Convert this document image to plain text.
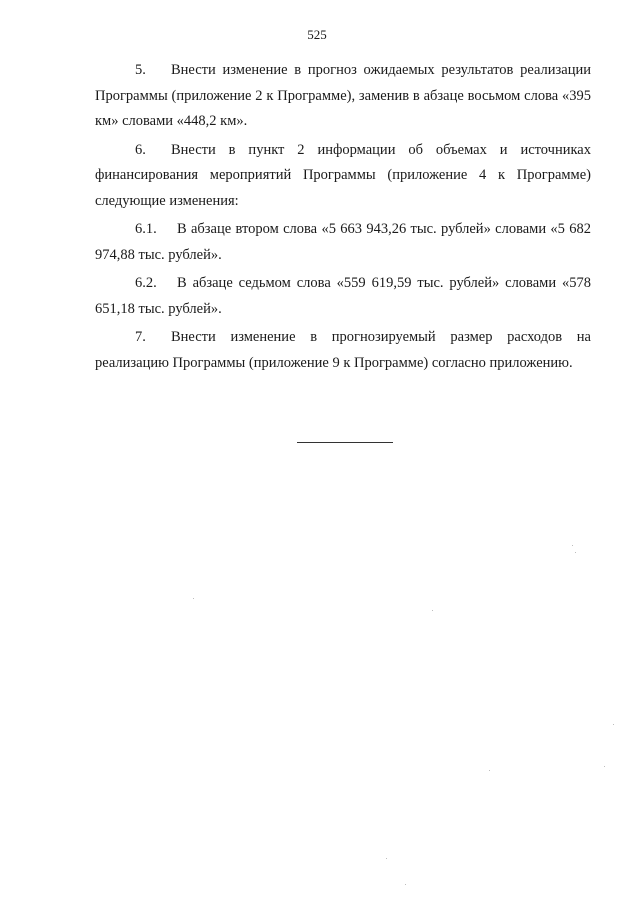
525

5. Внести изменение в прогноз ожидаемых результатов реализации Программы (приложение 2 к Программе), заменив в абзаце восьмом слова «395 км» словами «448,2 км».

6. Внести в пункт 2 информации об объемах и источниках финансирования мероприятий Программы (приложение 4 к Программе) следующие изменения:

6.1. В абзаце втором слова «5 663 943,26 тыс. рублей» словами «5 682 974,88 тыс. рублей».

6.2. В абзаце седьмом слова «559 619,59 тыс. рублей» словами «578 651,18 тыс. рублей».

7. Внести изменение в прогнозируемый размер расходов на реализацию Программы (приложение 9 к Программе) согласно приложению.
